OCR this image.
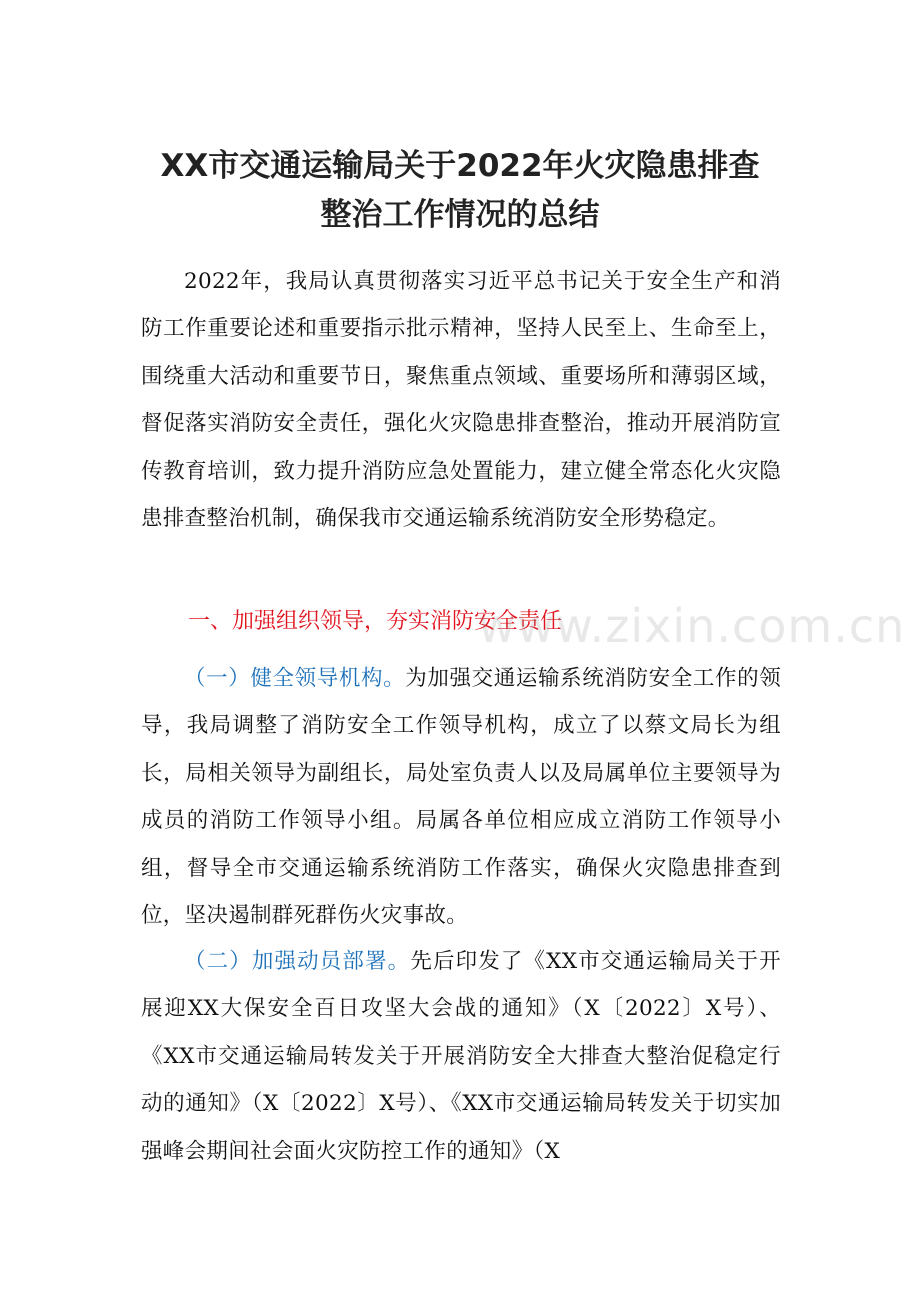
XX市交通运输局关于2022年火灾隐患排查
整治工作情况的总结
2022年，我局认真贯彻落实习近平总书记关于安全生产和消防工作重要论述和重要指示批示精神，坚持人民至上、生命至上，围绕重大活动和重要节日，聚焦重点领域、重要场所和薄弱区域，督促落实消防安全责任，强化火灾隐患排查整治，推动开展消防宣传教育培训，致力提升消防应急处置能力，建立健全常态化火灾隐患排查整治机制，确保我市交通运输系统消防安全形势稳定。
一、加强组织领导，夯实消防安全责任
www.zixin.com.cn
（一）健全领导机构。为加强交通运输系统消防安全工作的领导，我局调整了消防安全工作领导机构，成立了以蔡文局长为组长，局相关领导为副组长，局处室负责人以及局属单位主要领导为成员的消防工作领导小组。局属各单位相应成立消防工作领导小组，督导全市交通运输系统消防工作落实，确保火灾隐患排查到位，坚决遏制群死群伤火灾事故。
（二）加强动员部署。先后印发了《XX市交通运输局关于开展迎XX大保安全百日攻坚大会战的通知》（X〔2022〕X号）、《XX市交通运输局转发关于开展消防安全大排查大整治促稳定行动的通知》（X〔2022〕X号）、《XX市交通运输局转发关于切实加强峰会期间社会面火灾防控工作的通知》（X
